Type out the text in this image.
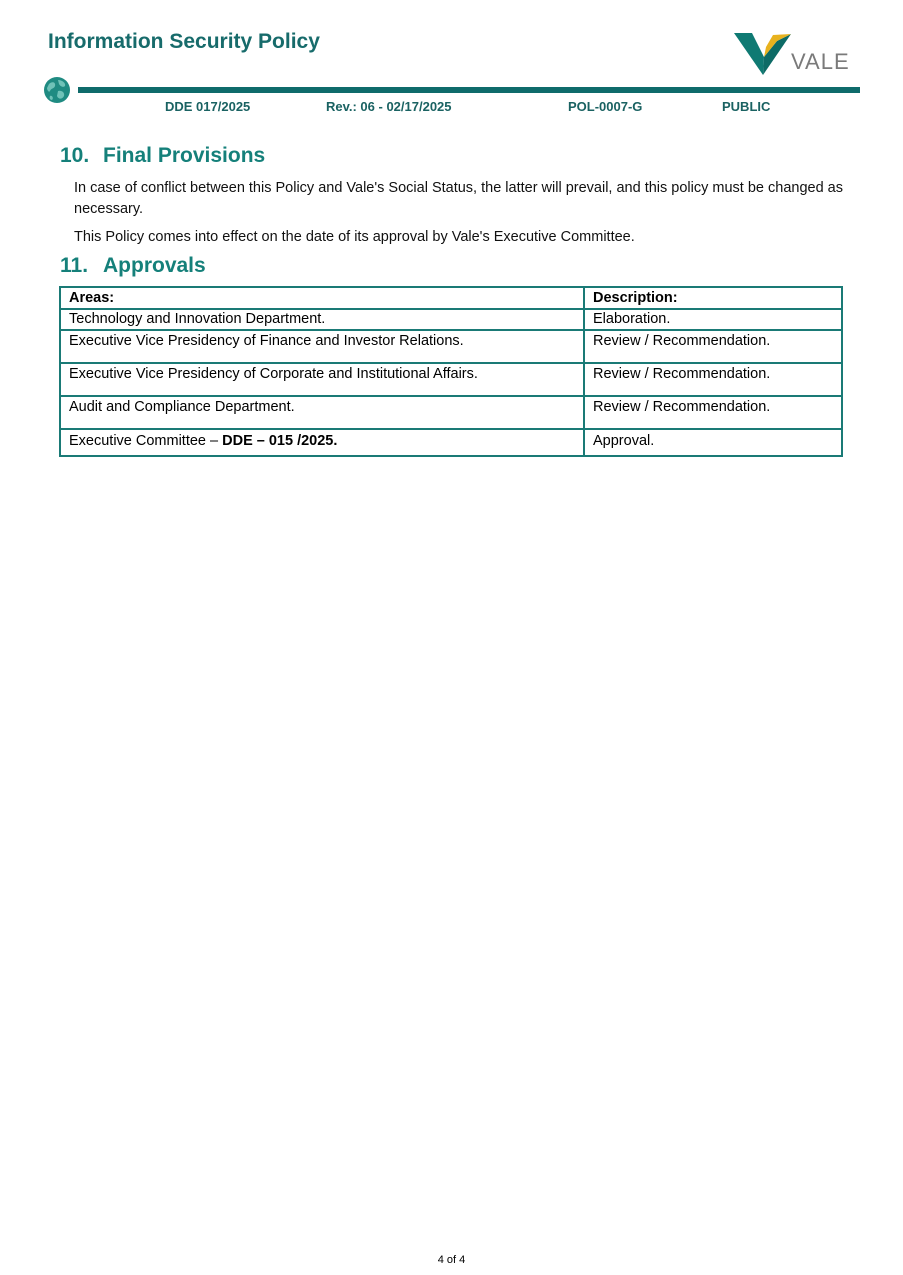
Information Security Policy
VALE
DDE 017/2025	Rev.: 06 - 02/17/2025	POL-0007-G	PUBLIC
10. Final Provisions
In case of conflict between this Policy and Vale's Social Status, the latter will prevail, and this policy must be changed as necessary.
This Policy comes into effect on the date of its approval by Vale's Executive Committee.
11. Approvals
Areas:	Description:
Technology and Innovation Department.	Elaboration.
Executive Vice Presidency of Finance and Investor Relations.	Review / Recommendation.
Executive Vice Presidency of Corporate and Institutional Affairs.	Review / Recommendation.
Audit and Compliance Department.	Review / Recommendation.
Executive Committee – DDE – 015 /2025.	Approval.
4 of 4
